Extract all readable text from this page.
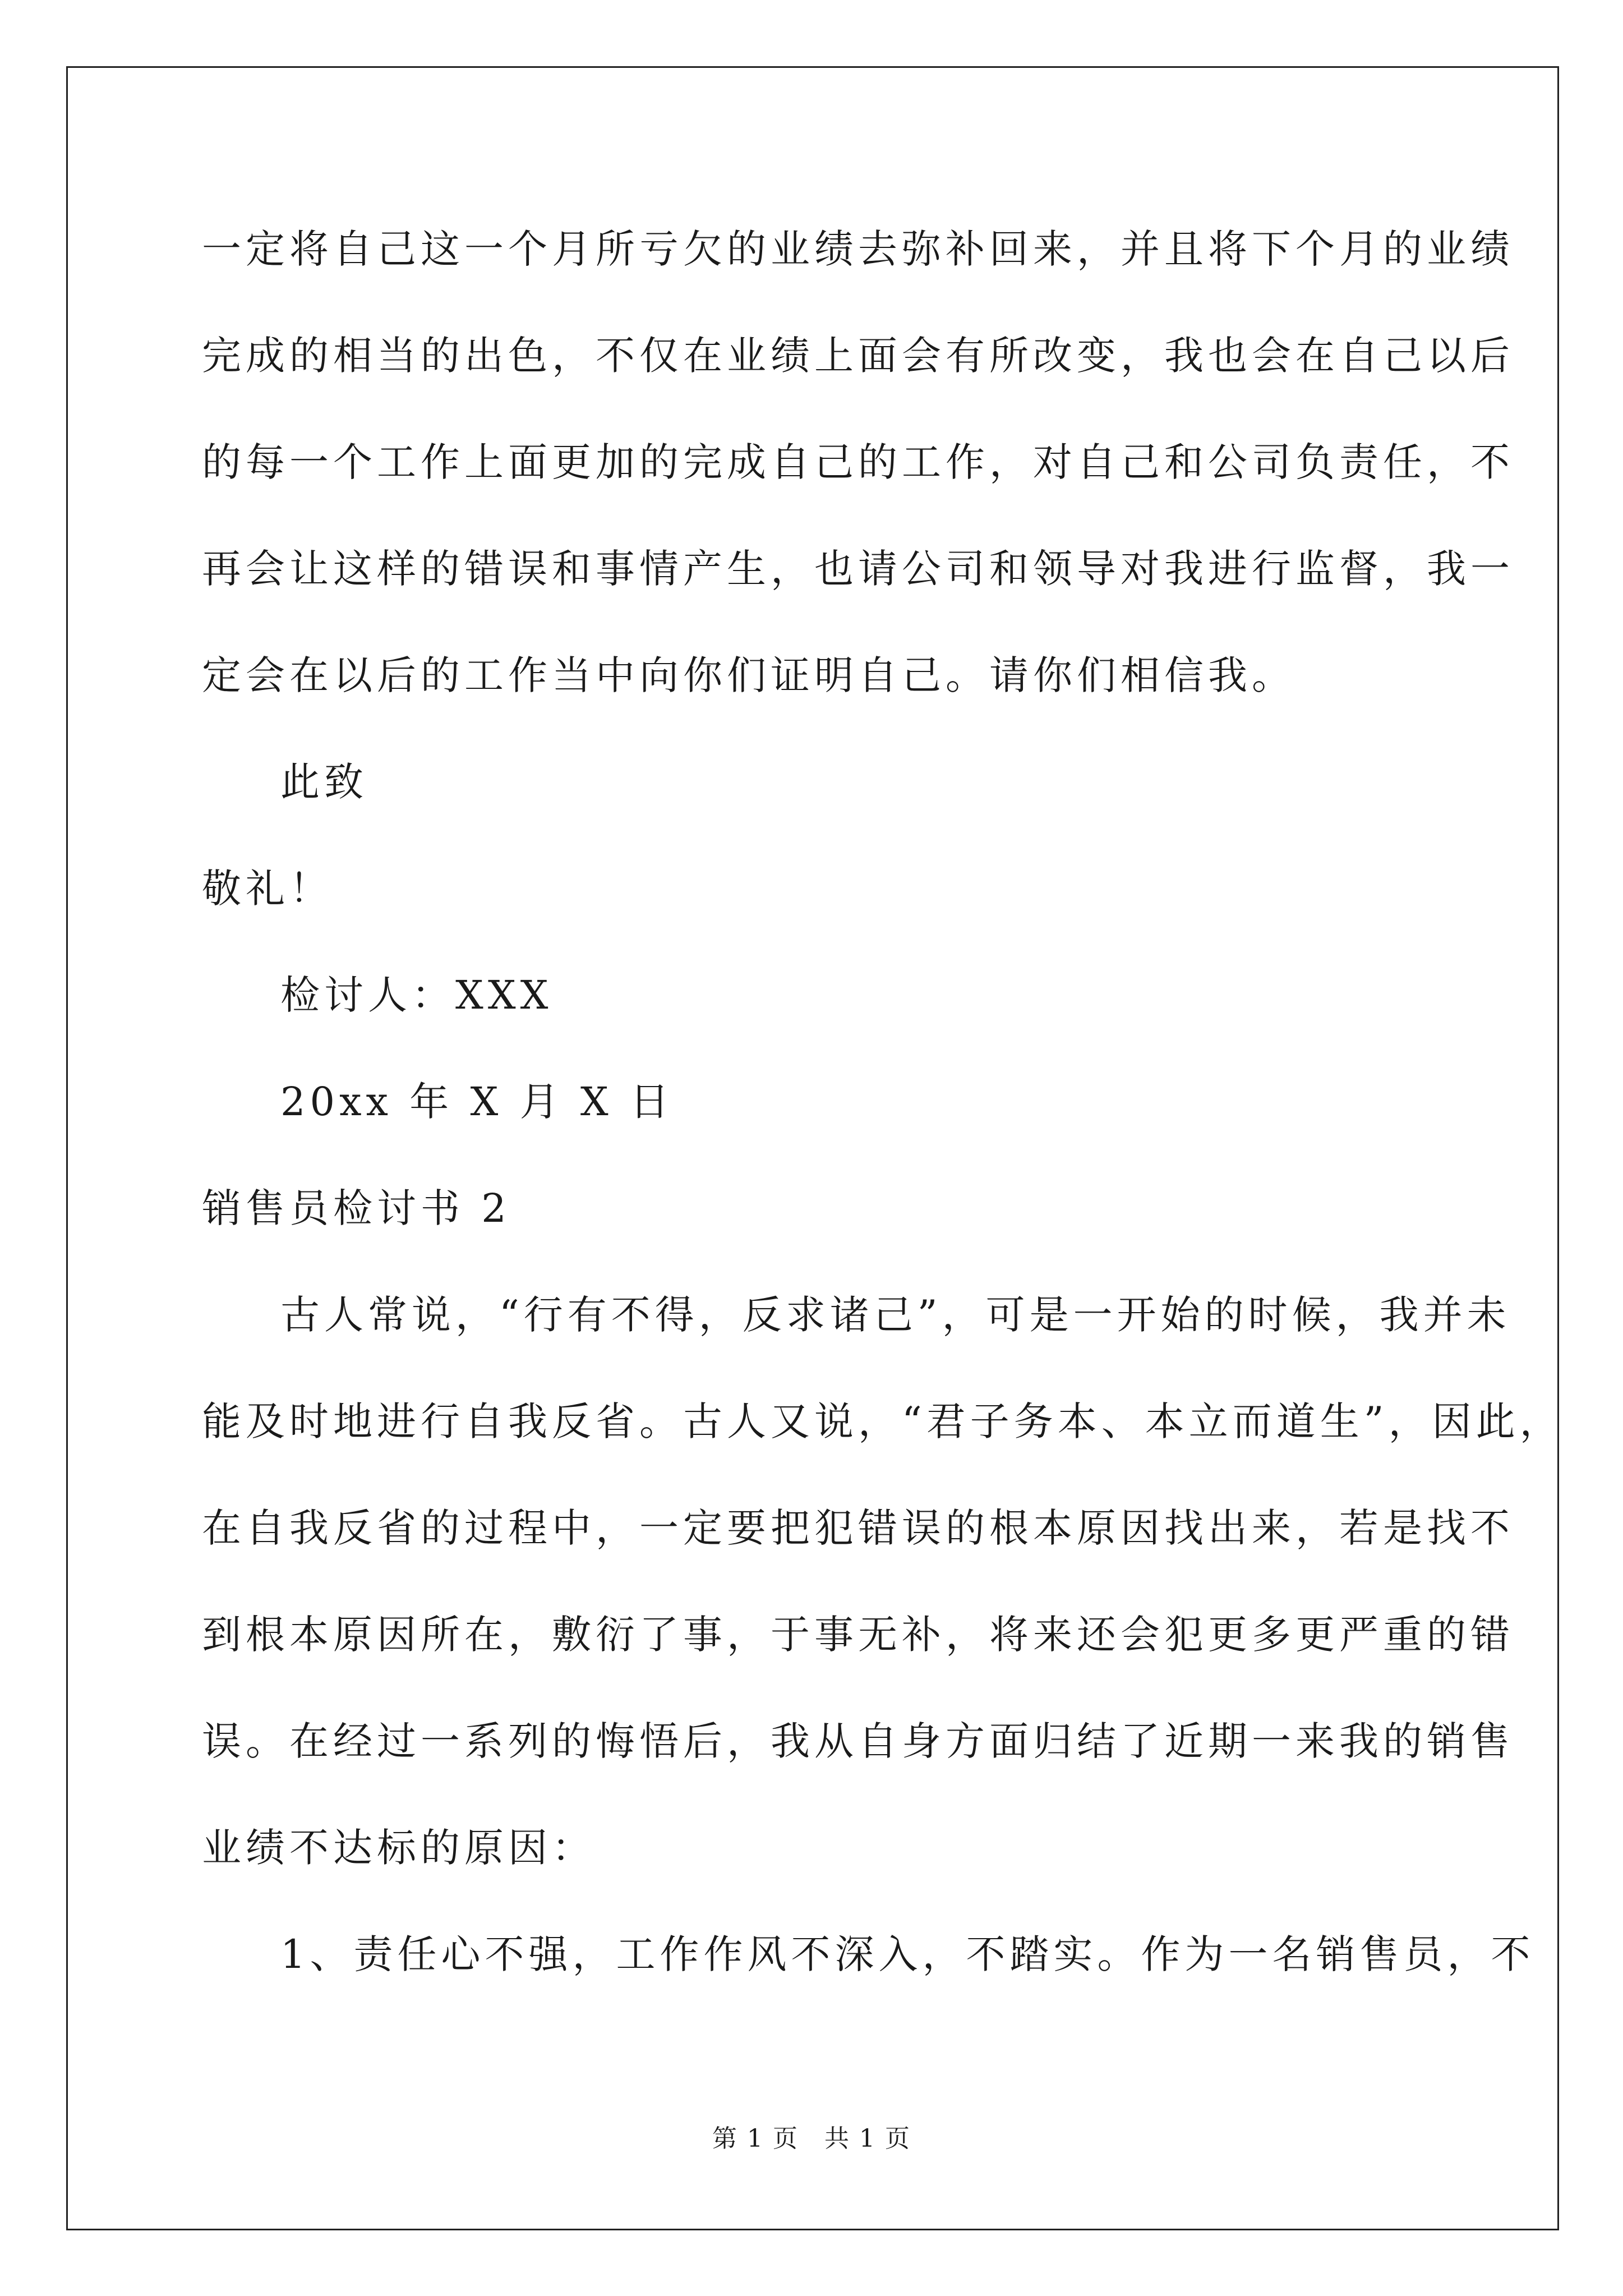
一定将自己这一个月所亏欠的业绩去弥补回来，并且将下个月的业绩
完成的相当的出色，不仅在业绩上面会有所改变，我也会在自己以后
的每一个工作上面更加的完成自己的工作，对自己和公司负责任，不
再会让这样的错误和事情产生，也请公司和领导对我进行监督，我一
定会在以后的工作当中向你们证明自己。请你们相信我。
此致
敬礼！
检讨人：XXX
20xx 年 X 月 X 日
销售员检讨书 2
古人常说，“行有不得，反求诸己”，可是一开始的时候，我并未
能及时地进行自我反省。古人又说，“君子务本、本立而道生”，因此，
在自我反省的过程中，一定要把犯错误的根本原因找出来，若是找不
到根本原因所在，敷衍了事，于事无补，将来还会犯更多更严重的错
误。在经过一系列的悔悟后，我从自身方面归结了近期一来我的销售
业绩不达标的原因：
1、责任心不强，工作作风不深入，不踏实。作为一名销售员，不
第 1 页　共 1 页
